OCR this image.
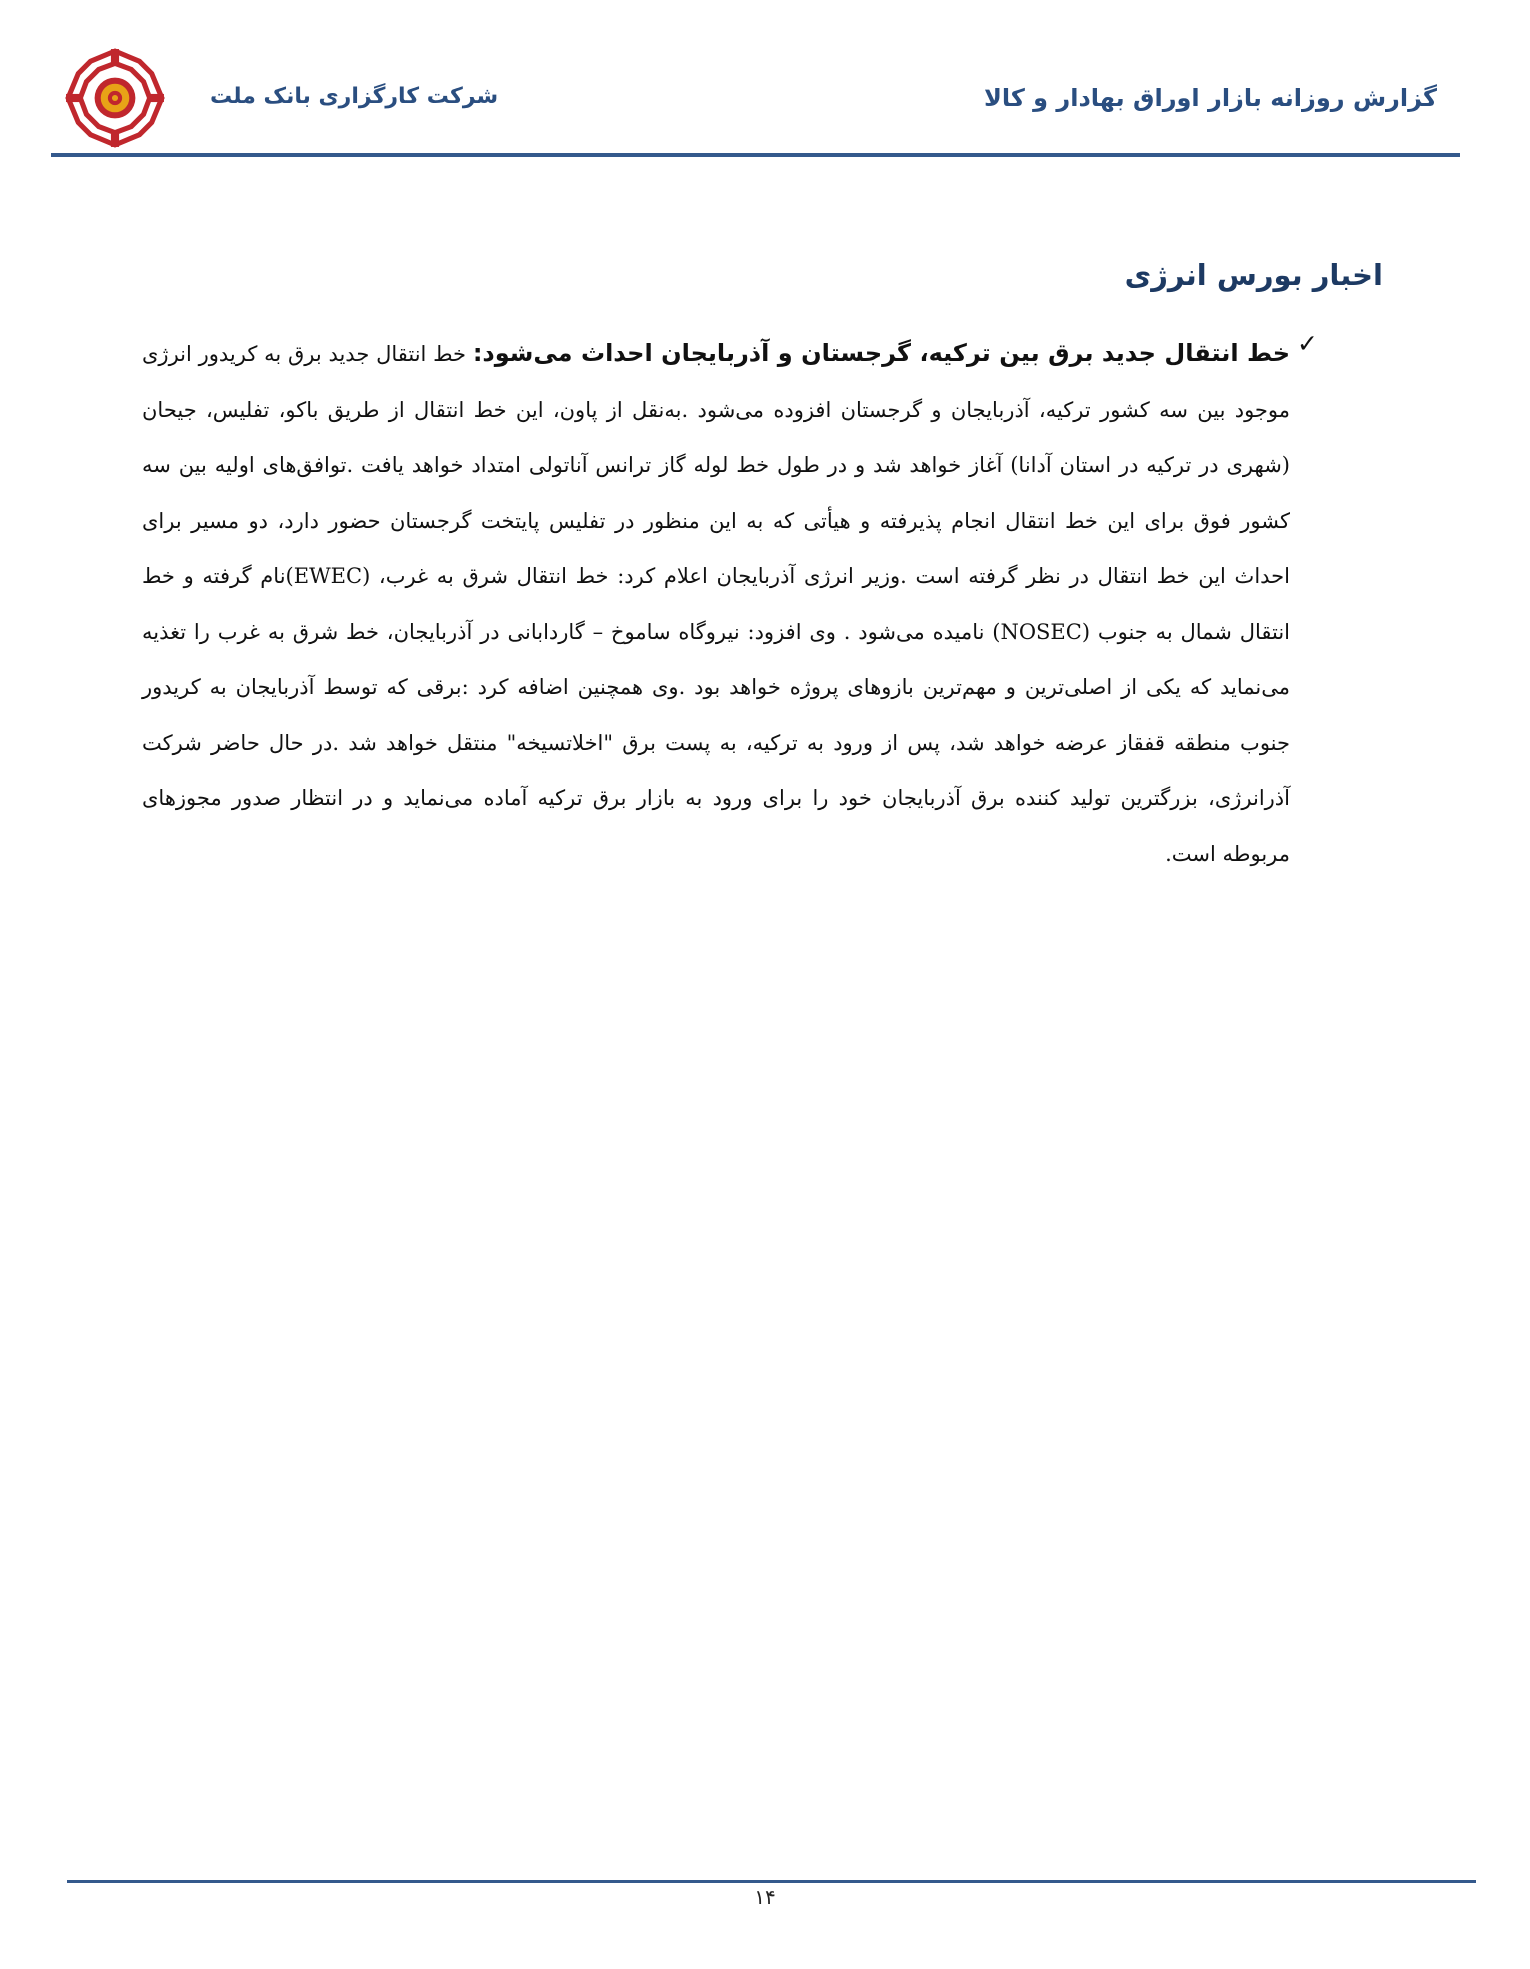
گزارش روزانه بازار اوراق بهادار و کالا
شرکت کارگزاری بانک ملت
اخبار بورس انرژی
✓
خط انتقال جدید برق بین ترکیه، گرجستان و آذربایجان احداث می‌شود: خط انتقال جدید برق به کریدور انرژی موجود بین سه کشور ترکیه، آذربایجان و گرجستان افزوده می‌شود .به‌نقل از پاون، این خط انتقال از طریق باکو، تفلیس، جیحان (شهری در ترکیه در استان آدانا) آغاز خواهد شد و در طول خط لوله گاز ترانس آناتولی امتداد خواهد یافت .توافق‌های اولیه بین سه کشور فوق برای این خط انتقال انجام پذیرفته و هیأتی که به این منظور در تفلیس پایتخت گرجستان حضور دارد، دو مسیر برای احداث این خط انتقال در نظر گرفته است .وزیر انرژی آذربایجان اعلام کرد: خط انتقال شرق به غرب، (EWEC)نام گرفته و خط انتقال شمال به جنوب (NOSEC) نامیده می‌شود . وی افزود: نیروگاه ساموخ – گاردابانی در آذربایجان، خط شرق به غرب را تغذیه می‌نماید که یکی از اصلی‌ترین و مهم‌ترین بازوهای پروژه خواهد بود .وی همچنین اضافه کرد :برقی که توسط آذربایجان به کریدور جنوب منطقه قفقاز عرضه خواهد شد، پس از ورود به ترکیه، به پست برق "اخلاتسیخه" منتقل خواهد شد .در حال حاضر شرکت آذرانرژی، بزرگترین تولید کننده برق آذربایجان خود را برای ورود به بازار برق ترکیه آماده می‌نماید و در انتظار صدور مجوزهای مربوطه است.
۱۴
